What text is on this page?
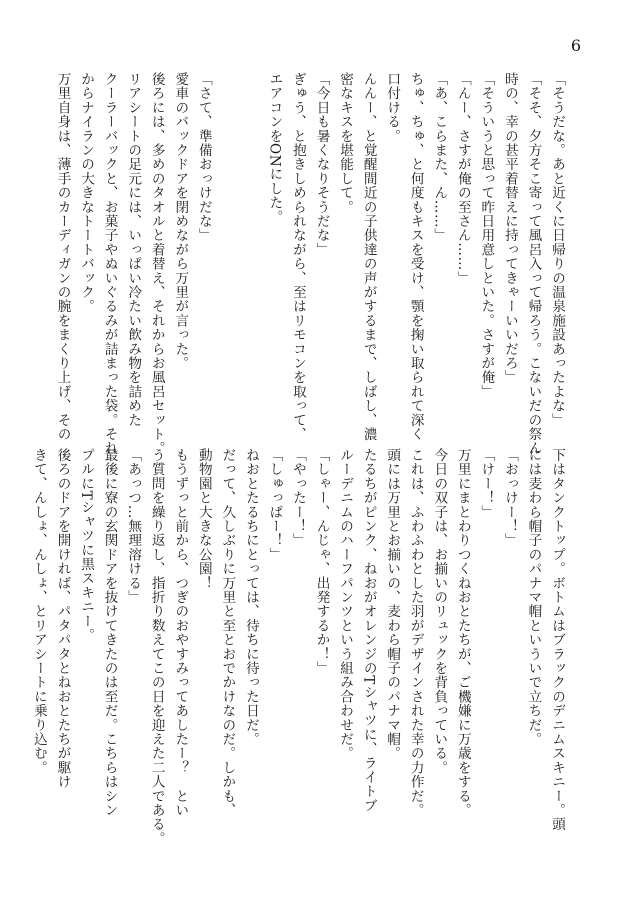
6
「そうだな。あと近くに日帰りの温泉施設あったよな」
「そそ、夕方そこ寄って風呂入って帰ろう。こないだの祭ん
時の、幸の甚平着替えに持ってきゃーいいだろ」
「そういうと思って昨日用意しといた。さすが俺」
「んー、さすが俺の至さん……」
「あ、こらまた、ん……」
ちゅ、ちゅ、と何度もキスを受け、顎を掬い取られて深く
口付ける。
んんー、と覚醒間近の子供達の声がするまで、しばし、濃
密なキスを堪能して。
「今日も暑くなりそうだな」
ぎゅう、と抱きしめられながら、至はリモコンを取って、
エアコンをONにした。

「さて、準備おっけだな」
愛車のバックドアを閉めながら万里が言った。
後ろには、多めのタオルと着替え、それからお風呂セット。
リアシートの足元には、いっぱい冷たい飲み物を詰めた
クーラーバックと、お菓子やぬいぐるみが詰まった袋。それ
からナイランの大きなトートバック。
万里自身は、薄手のカーディガンの腕をまくり上げ、その
下はタンクトップ。ボトムはブラックのデニムスキニー。頭
には麦わら帽子のパナマ帽といういで立ちだ。
「おっけー！」
「けー！」
万里にまとわりつくねおとたちが、ご機嫌に万歳をする。
今日の双子は、お揃いのリュックを背負っている。
これは、ふわふわとした羽がデザインされた幸の力作だ。
頭には万里とお揃いの、麦わら帽子のパナマ帽。
たるちがピンク、ねおがオレンジのTシャツに、ライトブ
ルーデニムのハーフパンツという組み合わせだ。
「しゃー、んじゃ、出発するか！」
「やったー！」
「しゅっぱー！」
ねおとたるちにとっては、待ちに待った日だ。
だって、久しぶりに万里と至とおでかけなのだ。しかも、
動物園と大きな公園！
もうずっと前から、つぎのおやすみってあしたー？　とい
う質問を繰り返し、指折り数えてこの日を迎えた二人である。
「あっつ…無理溶ける」
最後に寮の玄関ドアを抜けてきたのは至だ。こちらはシン
プルにTシャツに黒スキニー。
後ろのドアを開ければ、パタパタとねおとたちが駆け
きて、んしょ、んしょ、とリアシートに乗り込む。
